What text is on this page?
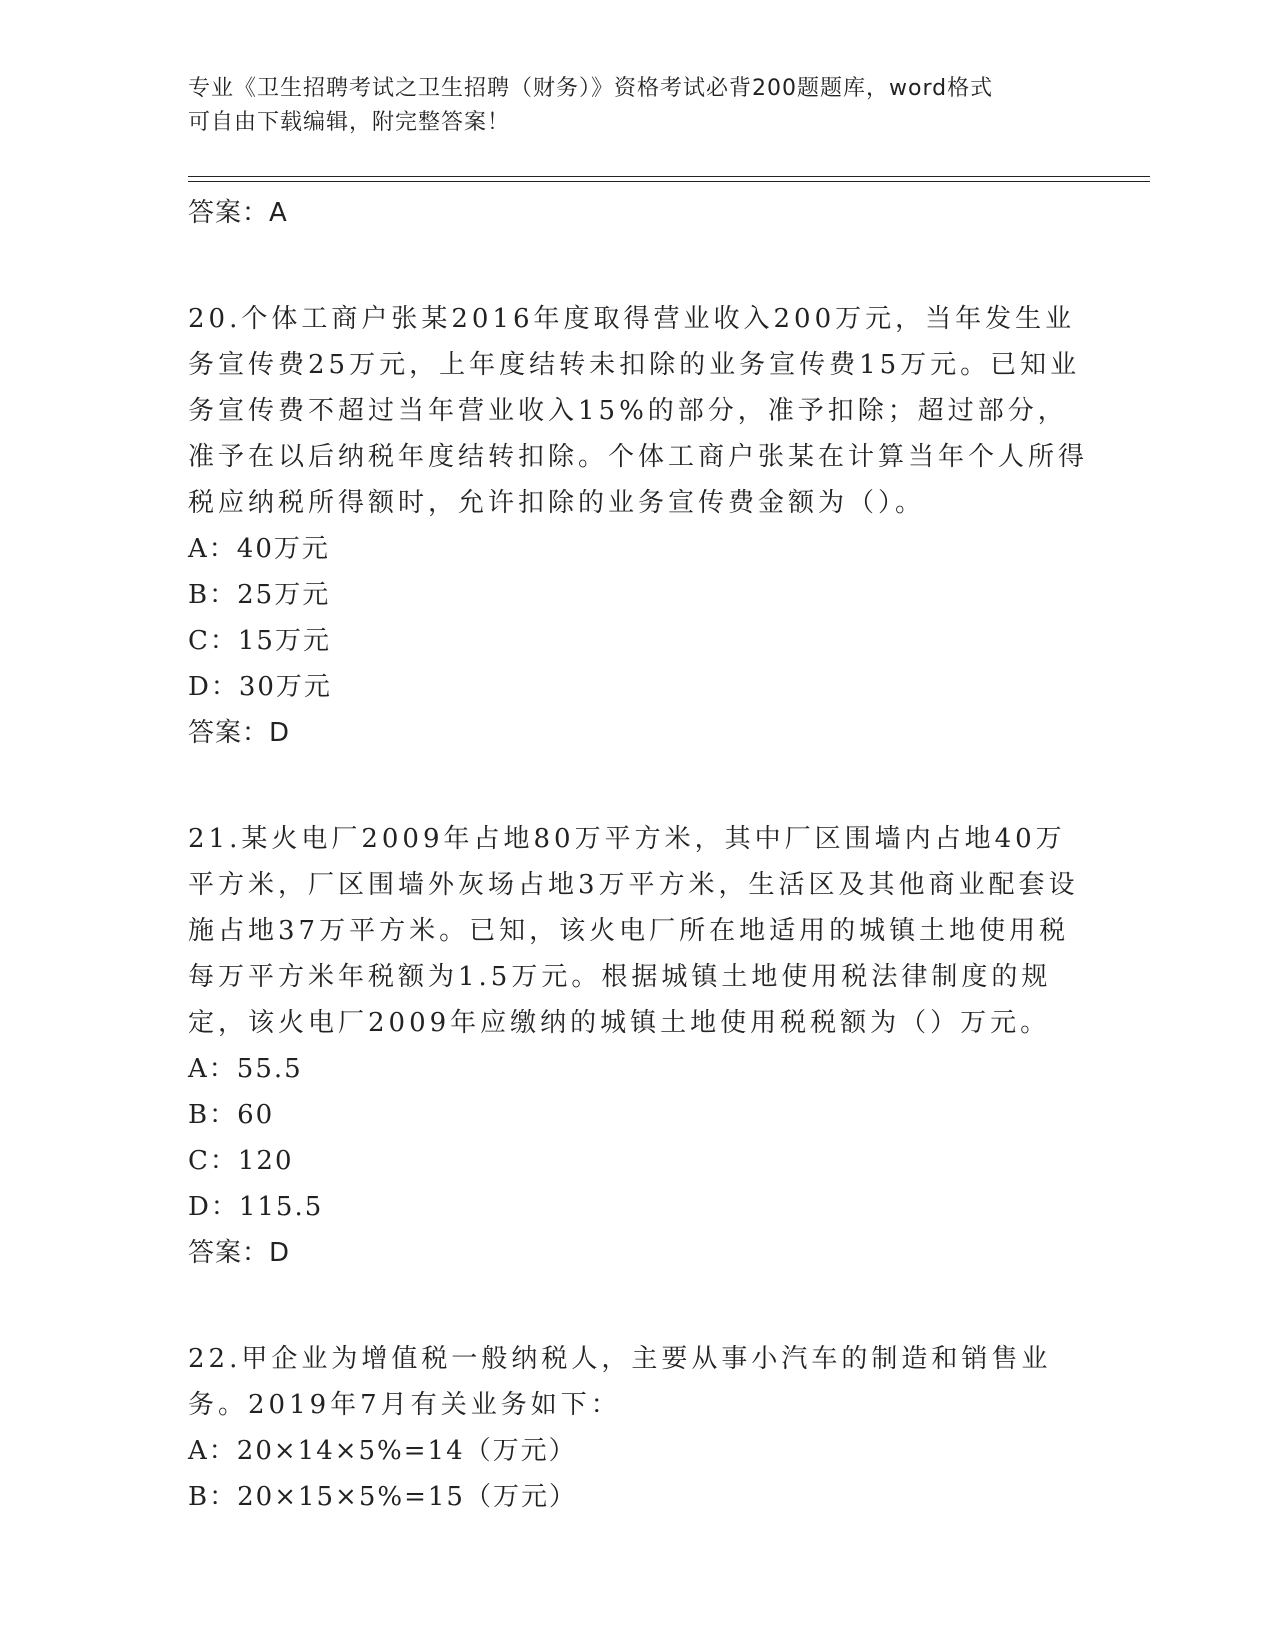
专业《卫生招聘考试之卫生招聘（财务）》资格考试必背200题题库，word格式
可自由下载编辑，附完整答案！
答案：A
20.个体工商户张某2016年度取得营业收入200万元，当年发生业务宣传费25万元，上年度结转未扣除的业务宣传费15万元。已知业务宣传费不超过当年营业收入15%的部分，准予扣除；超过部分，准予在以后纳税年度结转扣除。个体工商户张某在计算当年个人所得税应纳税所得额时，允许扣除的业务宣传费金额为（）。
A：40万元
B：25万元
C：15万元
D：30万元
答案：D
21.某火电厂2009年占地80万平方米，其中厂区围墙内占地40万平方米，厂区围墙外灰场占地3万平方米，生活区及其他商业配套设施占地37万平方米。已知，该火电厂所在地适用的城镇土地使用税每万平方米年税额为1.5万元。根据城镇土地使用税法律制度的规定，该火电厂2009年应缴纳的城镇土地使用税税额为（）万元。
A：55.5
B：60
C：120
D：115.5
答案：D
22.甲企业为增值税一般纳税人，主要从事小汽车的制造和销售业务。2019年7月有关业务如下：
A：20×14×5%=14（万元）
B：20×15×5%=15（万元）
